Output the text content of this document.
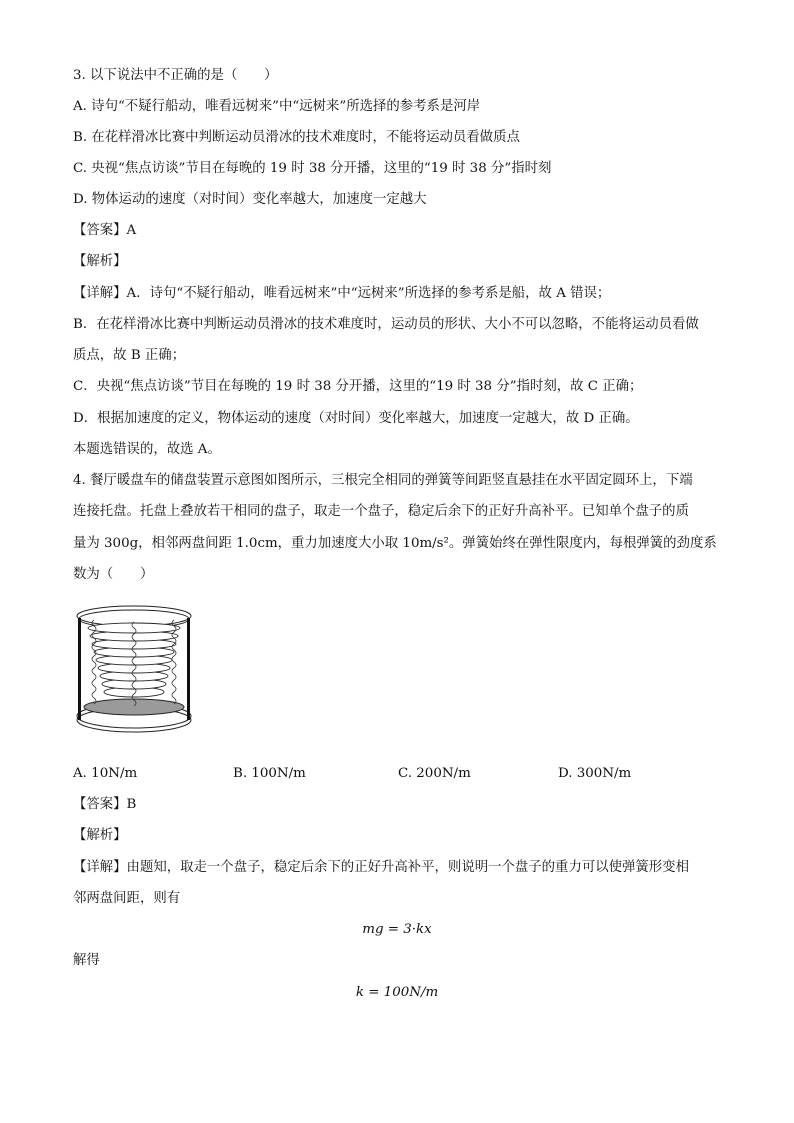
3. 以下说法中不正确的是（　　）
A. 诗句“不疑行船动，唯看远树来”中“远树来”所选择的参考系是河岸
B. 在花样滑冰比赛中判断运动员滑冰的技术难度时，不能将运动员看做质点
C. 央视“焦点访谈”节目在每晚的 19 时 38 分开播，这里的“19 时 38 分”指时刻
D. 物体运动的速度（对时间）变化率越大，加速度一定越大
【答案】A
【解析】
【详解】A．诗句“不疑行船动，唯看远树来”中“远树来”所选择的参考系是船，故 A 错误；
B．在花样滑冰比赛中判断运动员滑冰的技术难度时，运动员的形状、大小不可以忽略，不能将运动员看做
质点，故 B 正确；
C．央视“焦点访谈”节目在每晚的 19 时 38 分开播，这里的“19 时 38 分”指时刻，故 C 正确；
D．根据加速度的定义，物体运动的速度（对时间）变化率越大，加速度一定越大，故 D 正确。
本题选错误的，故选 A。
4. 餐厅暖盘车的储盘装置示意图如图所示，三根完全相同的弹簧等间距竖直悬挂在水平固定圆环上，下端
连接托盘。托盘上叠放若干相同的盘子，取走一个盘子，稳定后余下的正好升高补平。已知单个盘子的质
量为 300g，相邻两盘间距 1.0cm，重力加速度大小取 10m/s²。弹簧始终在弹性限度内，每根弹簧的劲度系
数为（　　）
A. 10N/m	B. 100N/m	C. 200N/m	D. 300N/m
【答案】B
【解析】
【详解】由题知，取走一个盘子，稳定后余下的正好升高补平，则说明一个盘子的重力可以使弹簧形变相
邻两盘间距，则有
mg = 3·kx
解得
k = 100N/m
